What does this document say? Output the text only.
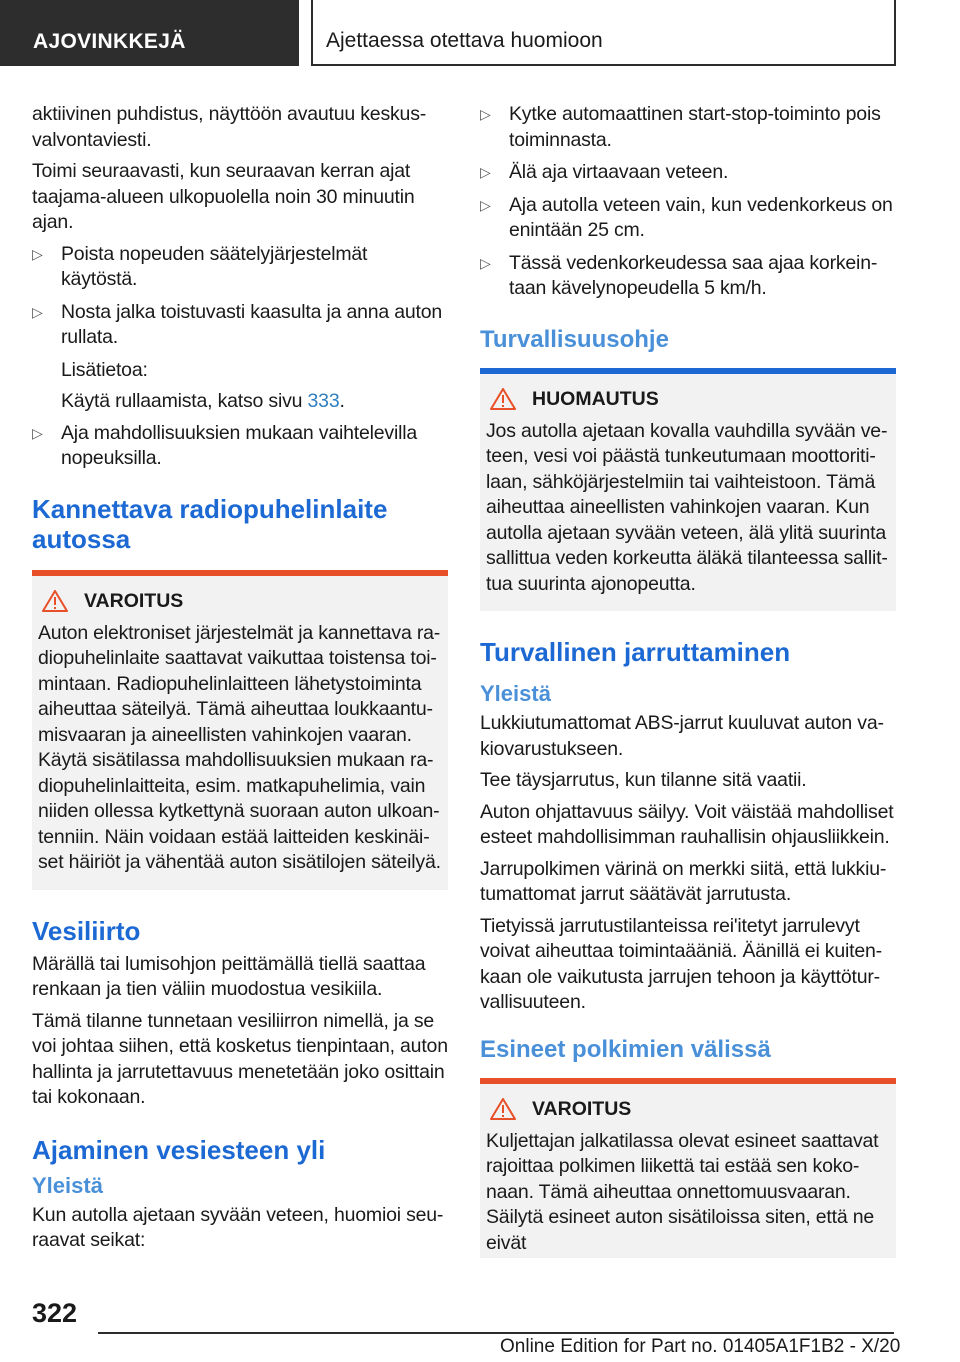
AJOVINKKEJÄ	Ajettaessa otettava huomioon

aktiivinen puhdistus, näyttöön avautuu keskusvalvontaviesti.

Toimi seuraavasti, kun seuraavan kerran ajat taajama-alueen ulkopuolella noin 30 minuutin ajan.

▷ Poista nopeuden säätelyjärjestelmät käytöstä.
▷ Nosta jalka toistuvasti kaasulta ja anna auton rullata.
Lisätietoa:
Käytä rullaamista, katso sivu 333.
▷ Aja mahdollisuuksien mukaan vaihtelevilla nopeuksilla.
Kannettava radiopuhelinlaite autossa
VAROITUS
Auton elektroniset järjestelmät ja kannettava radiopuhelinlaite saattavat vaikuttaa toistensa toimintaan. Radiopuhelinlaitteen lähetystoiminta aiheuttaa säteilyä. Tämä aiheuttaa loukkaantumisvaaran ja aineellisten vahinkojen vaaran. Käytä sisätilassa mahdollisuuksien mukaan radiopuhelinlaitteita, esim. matkapuhelimia, vain niiden ollessa kytkettynä suoraan auton ulkoantenniin. Näin voidaan estää laitteiden keskinäiset häiriöt ja vähentää auton sisätilojen säteilyä.
Vesiliirto

Märällä tai lumisohjon peittämällä tiellä saattaa renkaan ja tien väliin muodostua vesikiila.

Tämä tilanne tunnetaan vesiliirron nimellä, ja se voi johtaa siihen, että kosketus tienpintaan, auton hallinta ja jarrutettavuus menetetään joko osittain tai kokonaan.

Ajaminen vesiesteen yli
Yleistä

Kun autolla ajetaan syvään veteen, huomioi seuraavat seikat:

▷ Kytke automaattinen start-stop-toiminto pois toiminnasta.
▷ Älä aja virtaavaan veteen.
▷ Aja autolla veteen vain, kun vedenkorkeus on enintään 25 cm.
▷ Tässä vedenkorkeudessa saa ajaa korkeintaan kävelynopeudella 5 km/h.
Turvallisuusohje
HUOMAUTUS
Jos autolla ajetaan kovalla vauhdilla syvään veteen, vesi voi päästä tunkeutumaan moottoritilaan, sähköjärjestelmiin tai vaihteistoon. Tämä aiheuttaa aineellisten vahinkojen vaaran. Kun autolla ajetaan syvään veteen, älä ylitä suurinta sallittua veden korkeutta äläkä tilanteessa sallittua suurinta ajonopeutta.
Turvallinen jarruttaminen
Yleistä

Lukkiutumattomat ABS-jarrut kuuluvat auton vakiovarustukseen.

Tee täysjarrutus, kun tilanne sitä vaatii.

Auton ohjattavuus säilyy. Voit väistää mahdolliset esteet mahdollisimman rauhallisin ohjausliikkein.

Jarrupolkimen värinä on merkki siitä, että lukkiutumattomat jarrut säätävät jarrutusta.

Tietyissä jarrutustilanteissa rei'itetyt jarrulevyt voivat aiheuttaa toimintaääniä. Äänillä ei kuitenkaan ole vaikutusta jarrujen tehoon ja käyttöturvallisuuteen.

Esineet polkimien välissä
VAROITUS
Kuljettajan jalkatilassa olevat esineet saattavat rajoittaa polkimen liikettä tai estää sen kokonaan. Tämä aiheuttaa onnettomuusvaaran. Säilytä esineet auton sisätiloissa siten, että ne eivät
322
Online Edition for Part no. 01405A1F1B2 - X/20
